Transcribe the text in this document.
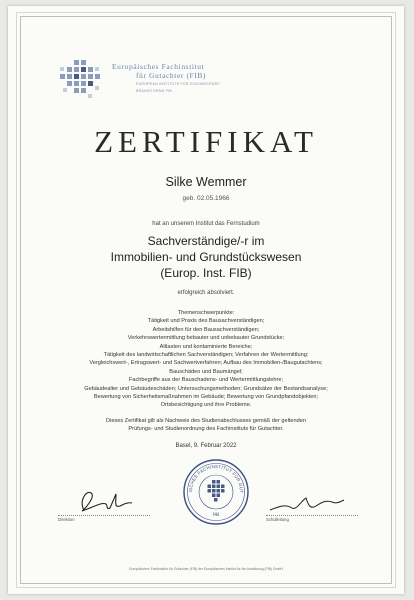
Europäisches Fachinstitut
für Gutachter (FIB)
EUROPEAN INSTITUTE FOR DOCUMENTARY
BRAINSTORMS FIB
ZERTIFIKAT
Silke Wemmer
geb. 02.05.1966
hat an unserem Institut das Fernstudium
Sachverständige/-r im
Immobilien- und Grundstückswesen
(Europ. Inst. FIB)
erfolgreich absolviert.
Themenschwerpunkte:
Tätigkeit und Praxis des Bausachverständigen;
Arbeitshilfen für den Bausachverständigen;
Verkehrswertermittlung bebauter und unbebauter Grundstücke;
Altlasten und kontaminierte Bereiche;
Tätigkeit des landwirtschaftlichen Sachverständigen; Verfahren der Wertermittlung:
Vergleichswert-, Ertragswert- und Sachwertverfahren; Aufbau des Immobilien-/Baugutachtens;
Bauschäden und Baumängel;
Fachbegriffe aus der Bauschadens- und Wertermittlungslehre;
Gebäudealter und Gebäudeschäden; Untersuchungsmethoden; Grundsätze der Bestandsanalyse;
Bewertung von Sicherheitsmaßnahmen im Gebäude; Bewertung von Grundpfandobjekten;
Ortsbesichtigung und ihre Probleme.
Dieses Zertifikat gilt als Nachweis des Studienabschlusses gemäß der geltenden
Prüfungs- und Studienordnung des Fachinstituts für Gutachter.
Basel, 9. Februar 2022
ISCHES FACHINSTITUT FÜR GUT
FIB
Direktion	Schulleitung
Europäisches Fachinstitut für Gutachter (FIB) der Europäischen Institut für die Ausbildung (FIB) GmbH
